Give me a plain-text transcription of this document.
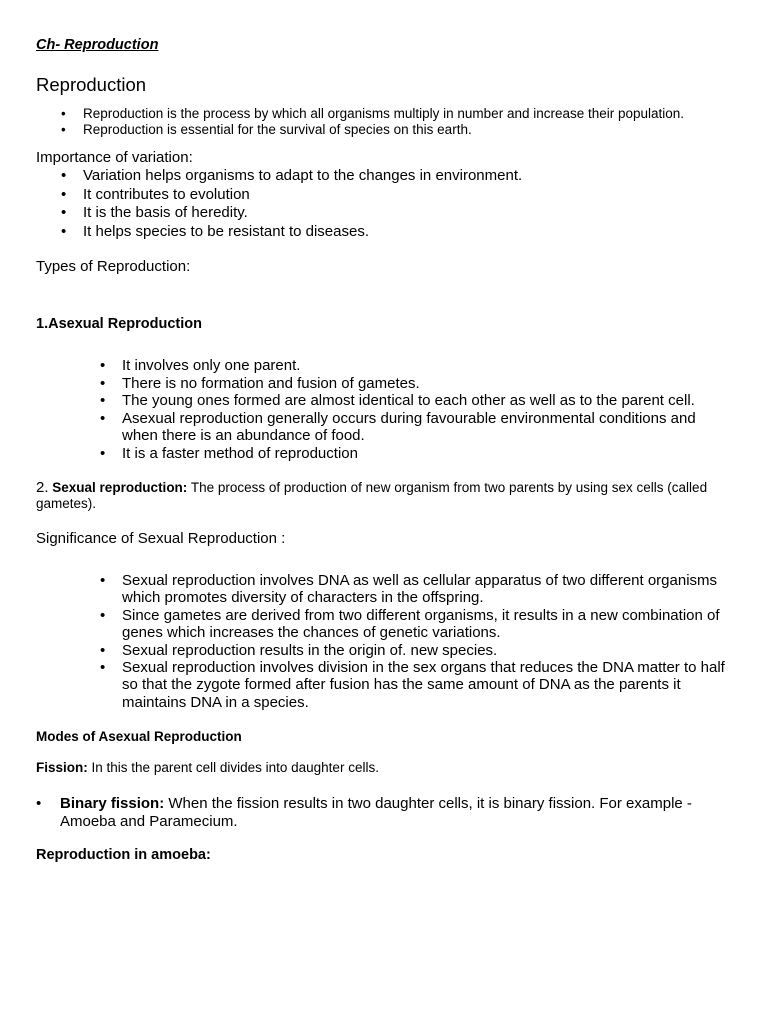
Ch- Reproduction
Reproduction
• Reproduction is the process by which all organisms multiply in number and increase their population.
• Reproduction is essential for the survival of species on this earth.
Importance of variation:
• Variation helps organisms to adapt to the changes in environment.
• It contributes to evolution
• It is the basis of heredity.
• It helps species to be resistant to diseases.
Types of Reproduction:
1.Asexual Reproduction
• It involves only one parent.
• There is no formation and fusion of gametes.
• The young ones formed are almost identical to each other as well as to the parent cell.
• Asexual reproduction generally occurs during favourable environmental conditions and when there is an abundance of food.
• It is a faster method of reproduction
2. Sexual reproduction: The process of production of new organism from two parents by using sex cells (called gametes).
Significance of Sexual Reproduction :
• Sexual reproduction involves DNA as well as cellular apparatus of two different organisms which promotes diversity of characters in the offspring.
• Since gametes are derived from two different organisms, it results in a new combination of genes which increases the chances of genetic variations.
• Sexual reproduction results in the origin of. new species.
• Sexual reproduction involves division in the sex organs that reduces the DNA matter to half so that the zygote formed after fusion has the same amount of DNA as the parents it maintains DNA in a species.
Modes of Asexual Reproduction
Fission: In this the parent cell divides into daughter cells.
• Binary fission: When the fission results in two daughter cells, it is binary fission. For example - Amoeba and Paramecium.
Reproduction in amoeba:
